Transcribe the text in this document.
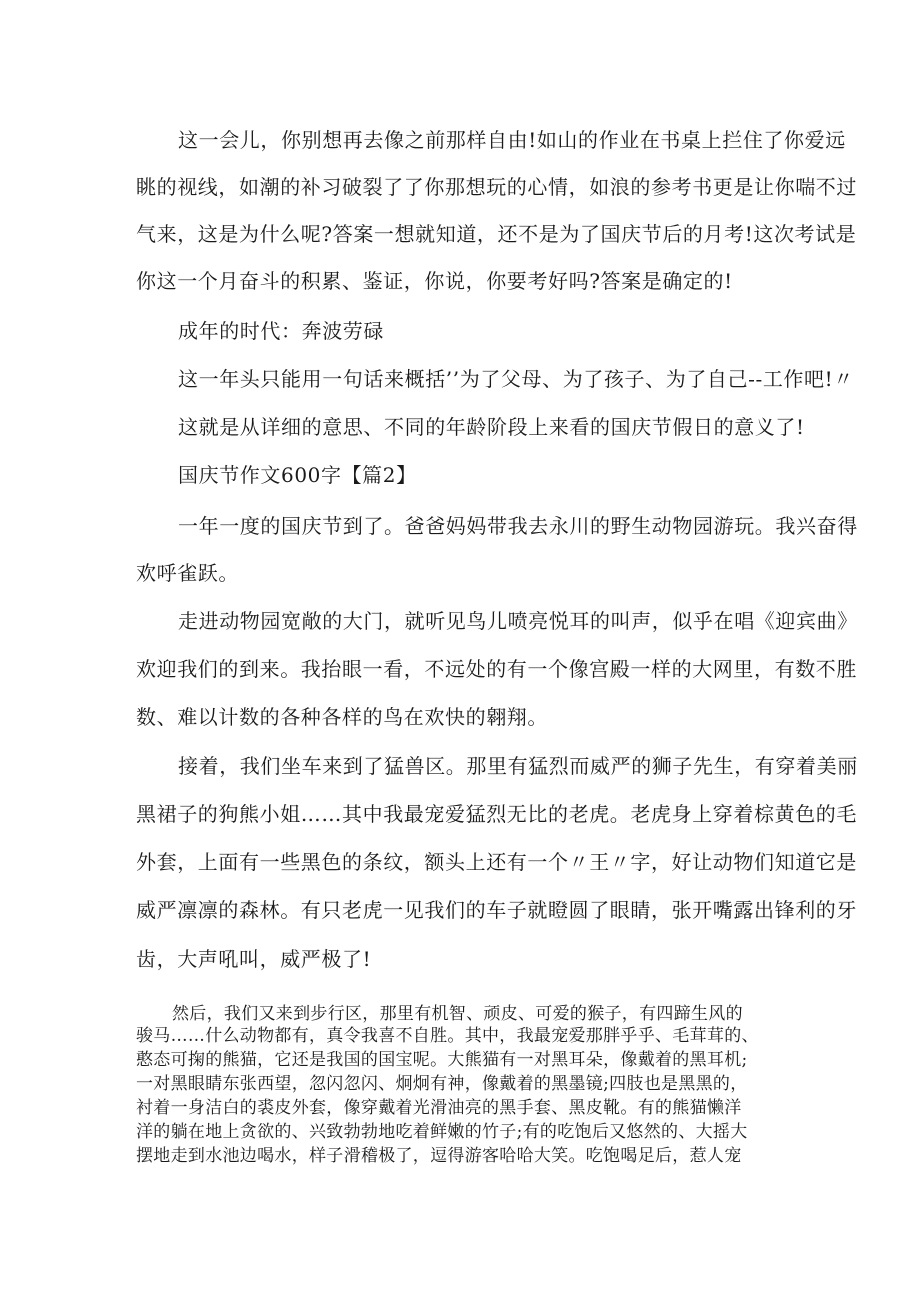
这一会儿，你别想再去像之前那样自由!如山的作业在书桌上拦住了你爱远

眺的视线，如潮的补习破裂了了你那想玩的心情，如浪的参考书更是让你喘不过

气来，这是为什么呢?答案一想就知道，还不是为了国庆节后的月考!这次考试是

你这一个月奋斗的积累、鉴证，你说，你要考好吗?答案是确定的!

成年的时代：奔波劳碌

这一年头只能用一句话来概括’’为了父母、为了孩子、为了自己--工作吧!〃

这就是从详细的意思、不同的年龄阶段上来看的国庆节假日的意义了!

国庆节作文600字【篇2】

一年一度的国庆节到了。爸爸妈妈带我去永川的野生动物园游玩。我兴奋得

欢呼雀跃。

走进动物园宽敞的大门，就听见鸟儿喷亮悦耳的叫声，似乎在唱《迎宾曲》

欢迎我们的到来。我抬眼一看，不远处的有一个像宫殿一样的大网里，有数不胜

数、难以计数的各种各样的鸟在欢快的翱翔。

接着，我们坐车来到了猛兽区。那里有猛烈而威严的狮子先生，有穿着美丽

黑裙子的狗熊小姐……其中我最宠爱猛烈无比的老虎。老虎身上穿着棕黄色的毛

外套，上面有一些黑色的条纹，额头上还有一个〃王〃字，好让动物们知道它是

威严凛凛的森林。有只老虎一见我们的车子就瞪圆了眼睛，张开嘴露出锋利的牙

齿，大声吼叫，威严极了!

然后，我们又来到步行区，那里有机智、顽皮、可爱的猴子，有四蹄生风的

骏马……什么动物都有，真令我喜不自胜。其中，我最宠爱那胖乎乎、毛茸茸的、

憨态可掬的熊猫，它还是我国的国宝呢。大熊猫有一对黑耳朵，像戴着的黑耳机;

一对黑眼睛东张西望，忽闪忽闪、炯炯有神，像戴着的黑墨镜;四肢也是黑黑的，

衬着一身洁白的裘皮外套，像穿戴着光滑油亮的黑手套、黑皮靴。有的熊猫懒洋

洋的躺在地上贪欲的、兴致勃勃地吃着鲜嫩的竹子;有的吃饱后又悠然的、大摇大

摆地走到水池边喝水，样子滑稽极了，逗得游客哈哈大笑。吃饱喝足后，惹人宠
